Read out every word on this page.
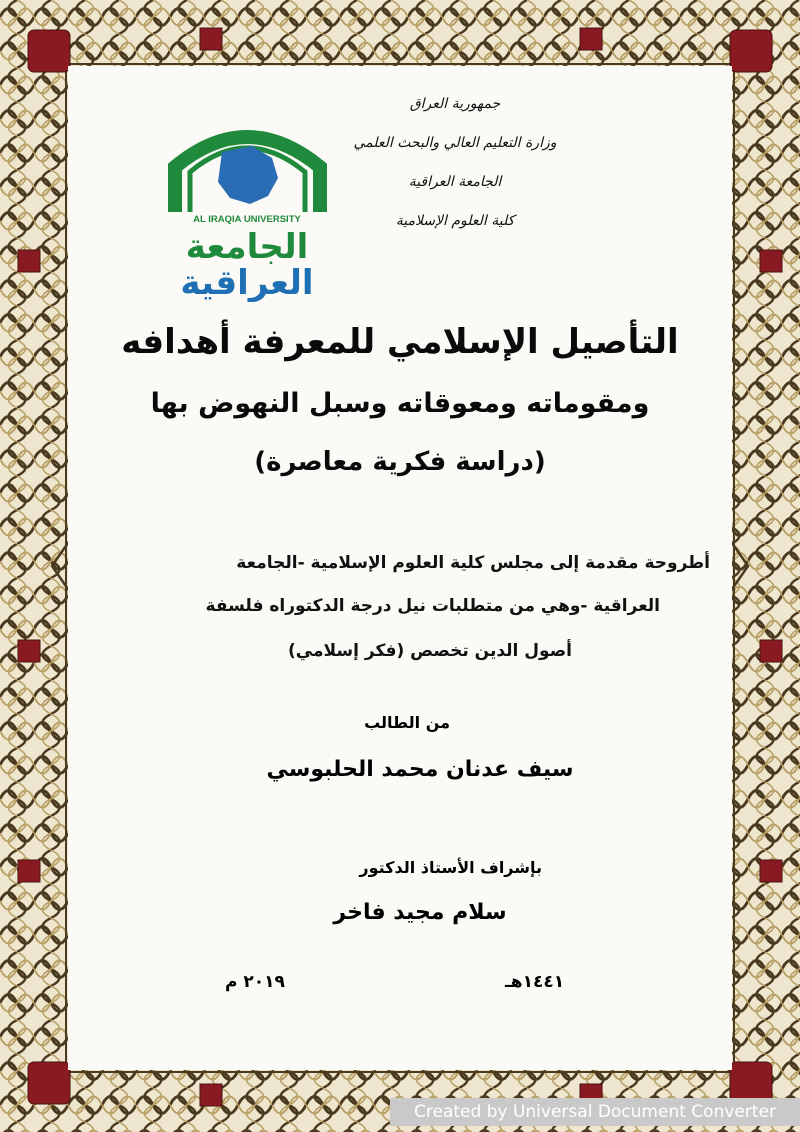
جمهورية العراق
وزارة التعليم العالي والبحث العلمي
الجامعة العراقية
كلية العلوم الإسلامية
AL IRAQIA UNIVERSITY
الجامعة
العراقية
التأصيل الإسلامي للمعرفة أهدافه
ومقوماته ومعوقاته وسبل النهوض بها
(دراسة فكرية معاصرة)
أطروحة مقدمة إلى مجلس كلية العلوم الإسلامية -الجامعة
العراقية -وهي من متطلبات نيل درجة الدكتوراه فلسفة
أصول الدين تخصص (فكر إسلامي)
من الطالب
سيف عدنان محمد الحلبوسي
بإشراف الأستاذ الدكتور
سلام مجيد فاخر
١٤٤١هـ
٢٠١٩ م
Created by Universal Document Converter
